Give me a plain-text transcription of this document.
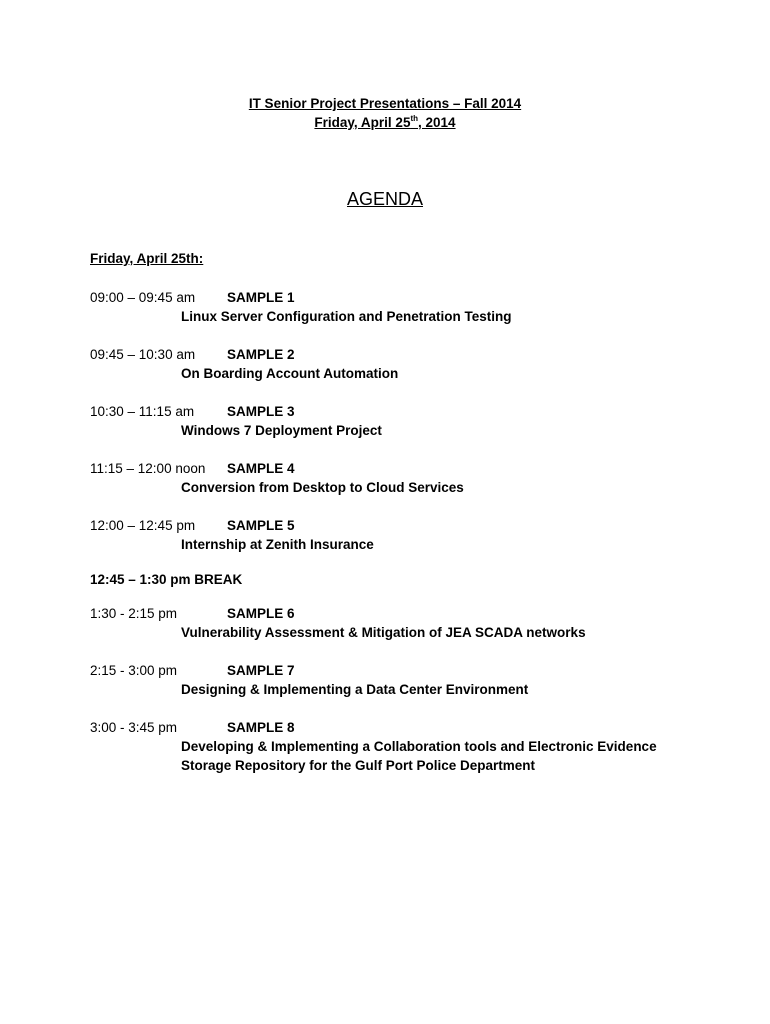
IT Senior Project Presentations – Fall 2014
Friday, April 25th, 2014
AGENDA
Friday, April 25th:
09:00 – 09:45 am SAMPLE 1
Linux Server Configuration and Penetration Testing
09:45 – 10:30 am SAMPLE 2
On Boarding Account Automation
10:30 – 11:15 am SAMPLE 3
Windows 7 Deployment Project
11:15 – 12:00 noon SAMPLE 4
Conversion from Desktop to Cloud Services
12:00 – 12:45 pm SAMPLE 5
Internship at Zenith Insurance
12:45 – 1:30 pm BREAK
1:30 - 2:15 pm	SAMPLE 6
Vulnerability Assessment & Mitigation of JEA SCADA networks
2:15 - 3:00 pm	SAMPLE 7
Designing & Implementing a Data Center Environment
3:00 - 3:45 pm	SAMPLE 8
Developing & Implementing a Collaboration tools and Electronic Evidence
Storage Repository for the Gulf Port Police Department
